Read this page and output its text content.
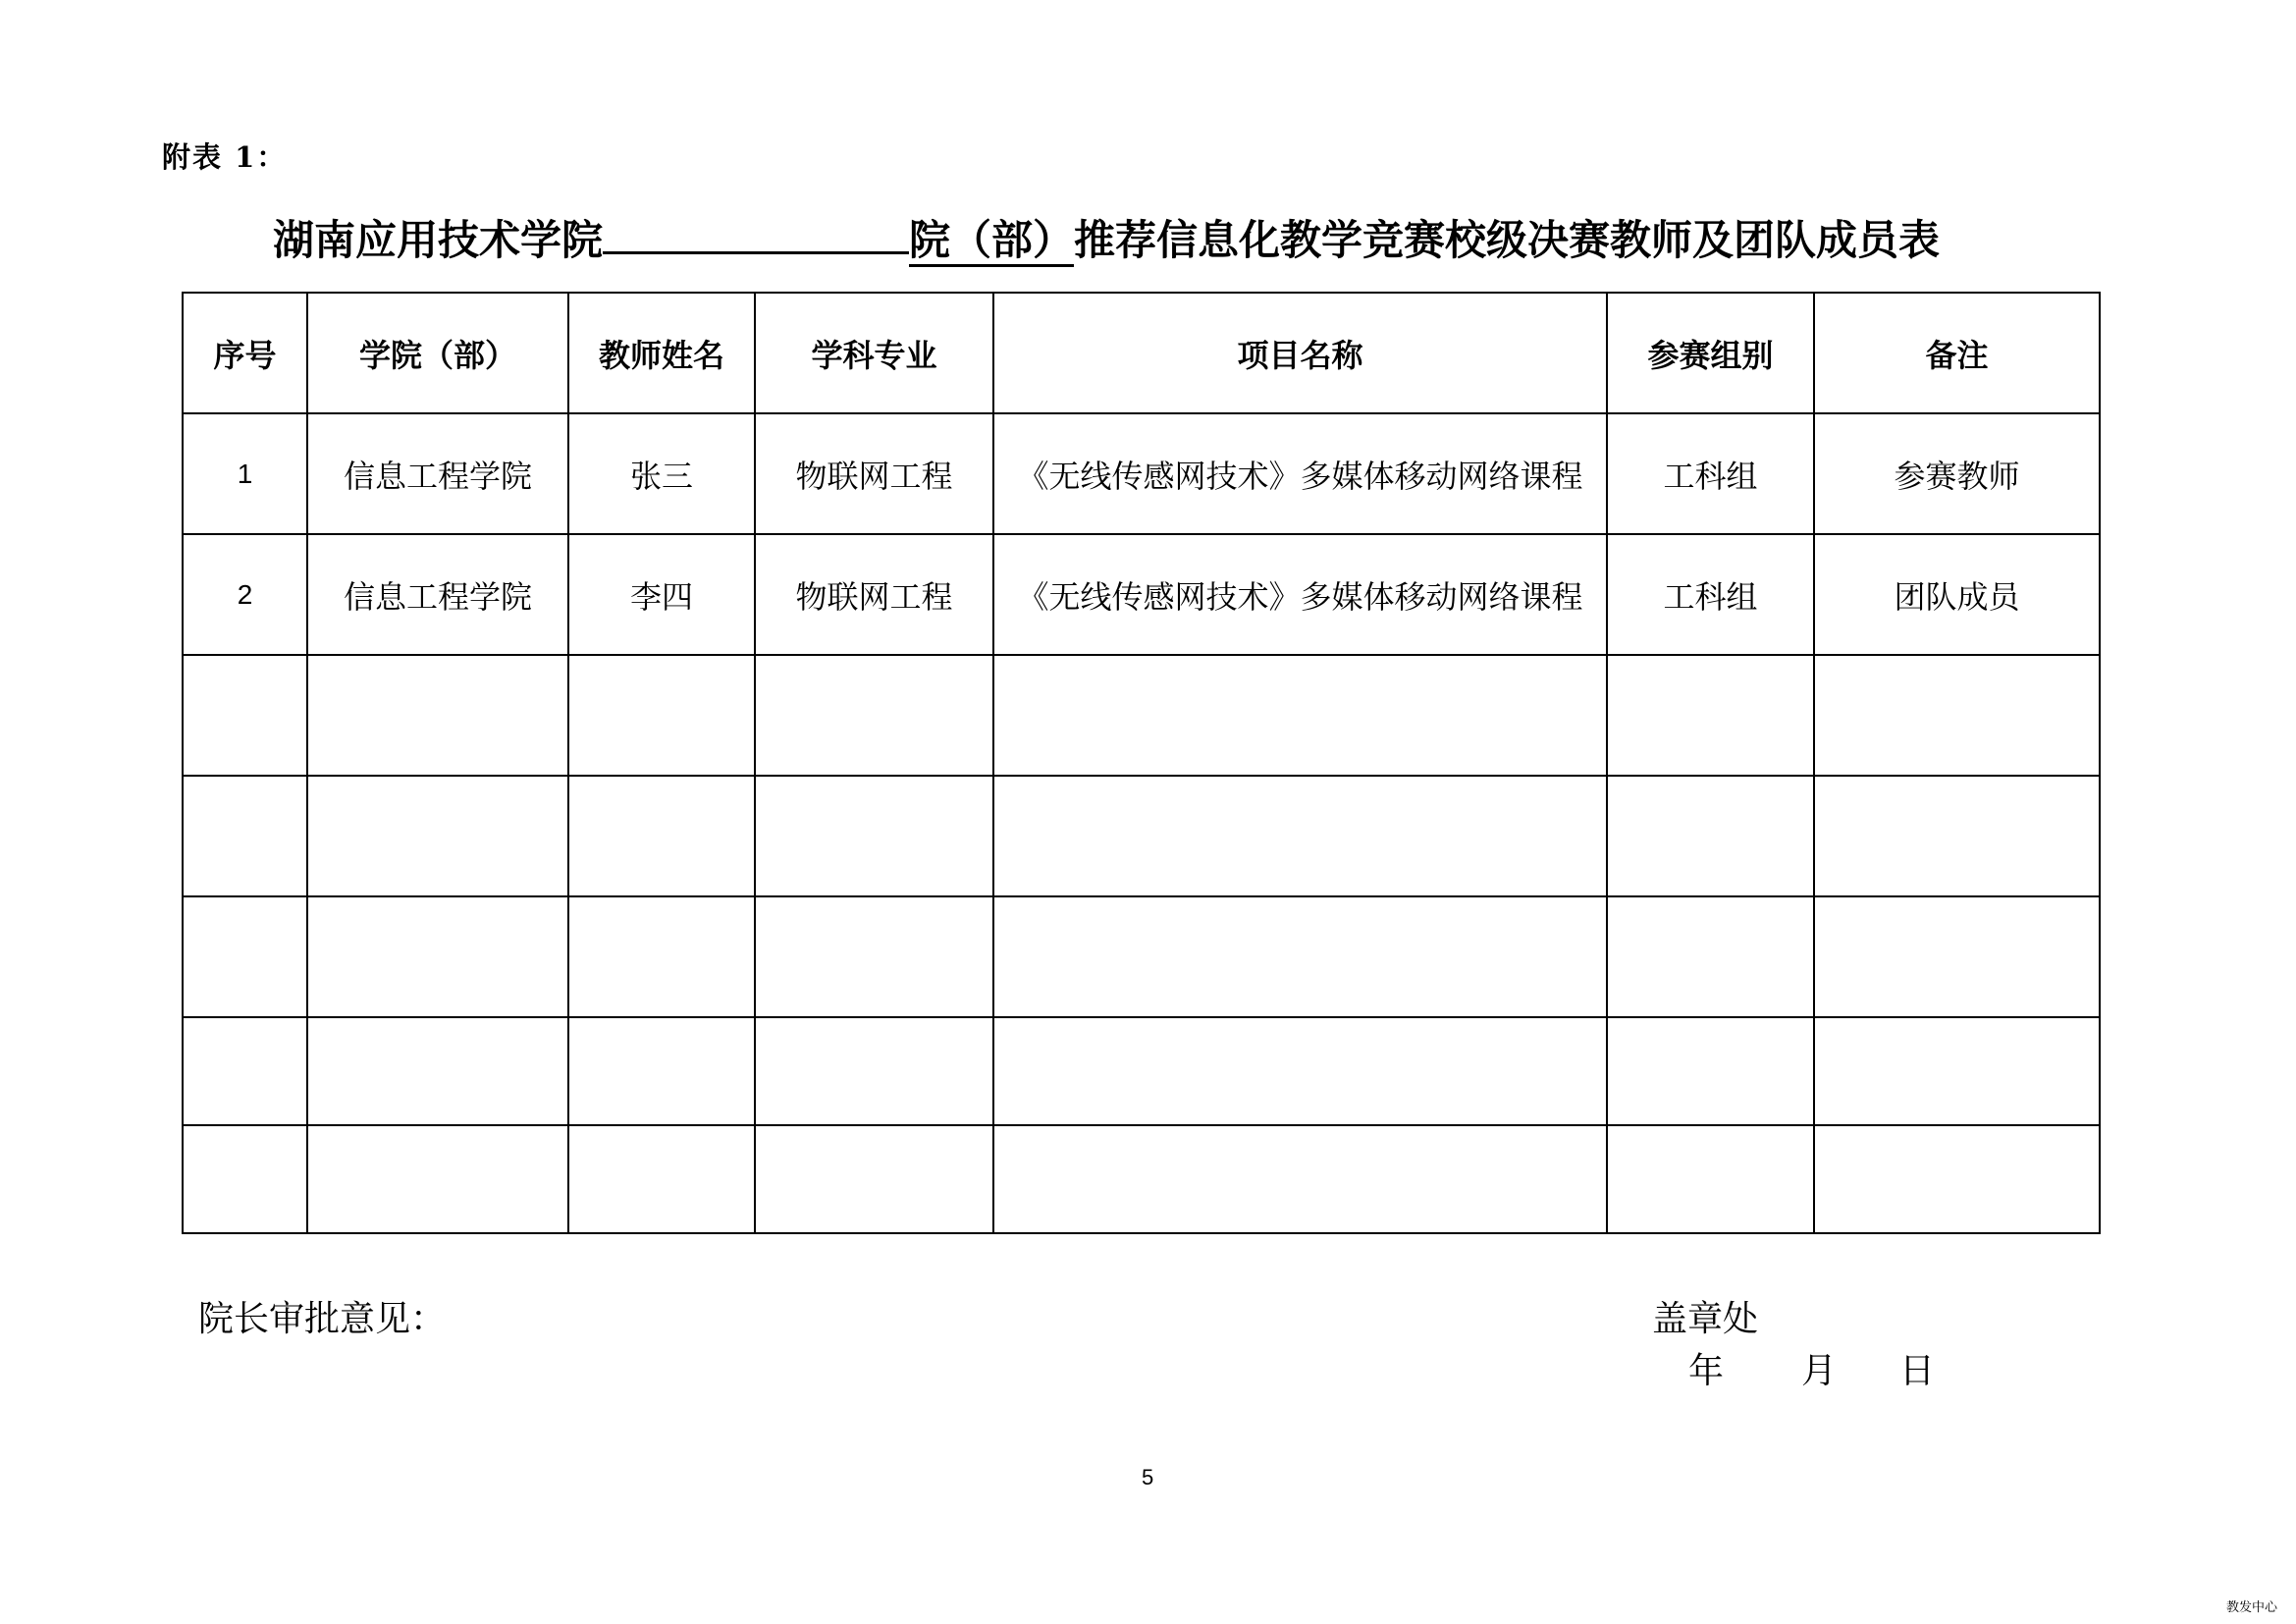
附表 1：
湖南应用技术学院	院（部）推荐信息化教学竞赛校级决赛教师及团队成员表
序号	学院（部）	教师姓名	学科专业	项目名称	参赛组别	备注
1	信息工程学院	张三	物联网工程	《无线传感网技术》多媒体移动网络课程	工科组	参赛教师
2	信息工程学院	李四	物联网工程	《无线传感网技术》多媒体移动网络课程	工科组	团队成员

院长审批意见：	盖章处
年 月 日
5
教发中心
